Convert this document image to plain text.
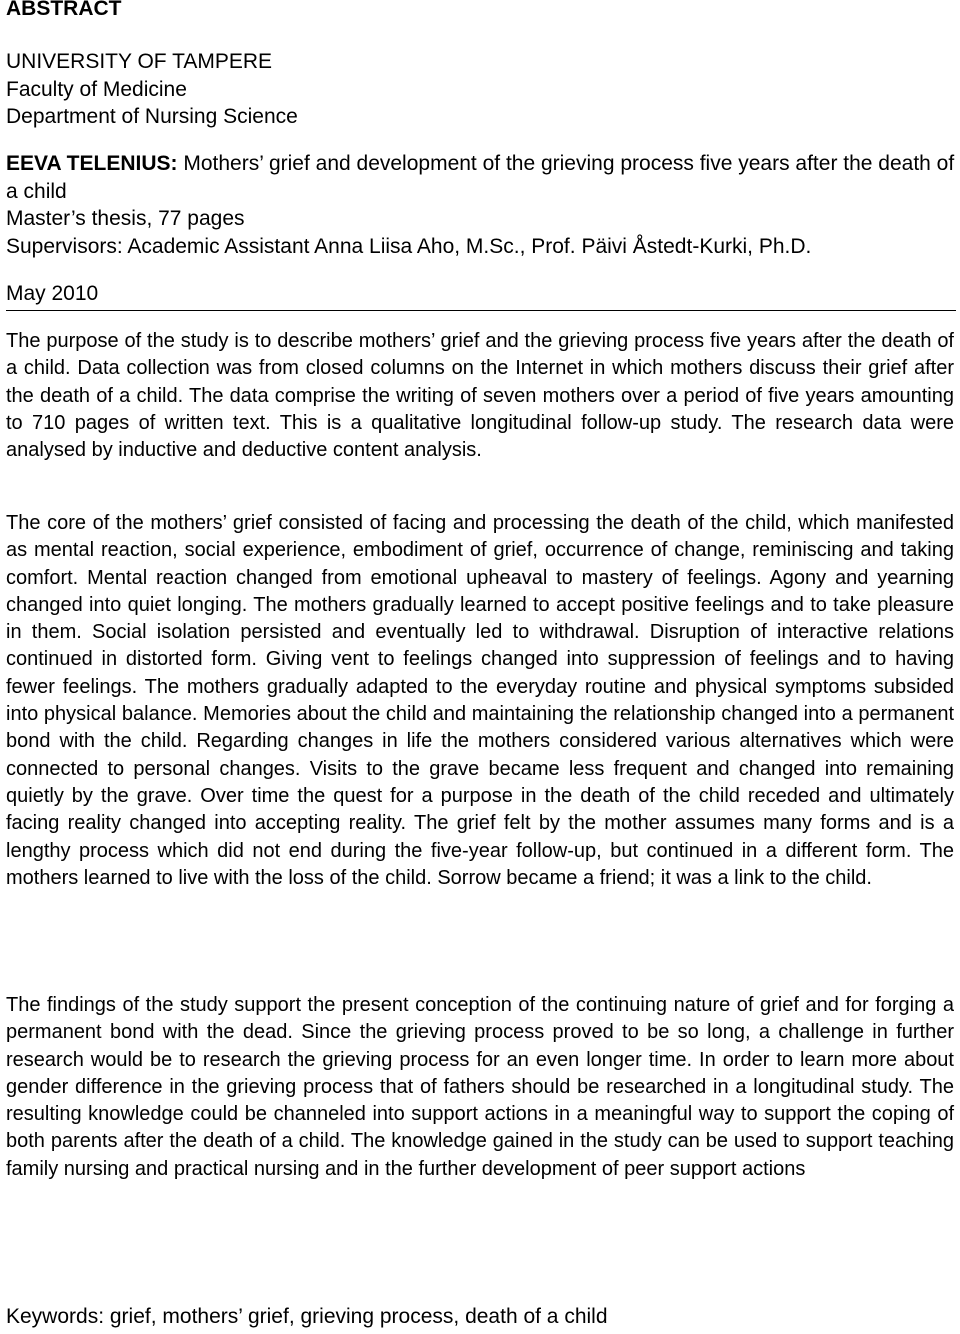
ABSTRACT
UNIVERSITY OF TAMPERE
Faculty of Medicine
Department of Nursing Science
EEVA TELENIUS: Mothers’ grief and development of the grieving process five years after the death of a child
Master’s thesis, 77 pages
Supervisors: Academic Assistant Anna Liisa Aho, M.Sc., Prof. Päivi Åstedt-Kurki, Ph.D.
May 2010
The purpose of the study is to describe mothers’ grief and the grieving process five years after the death of a child. Data collection was from closed columns on the Internet in which mothers discuss their grief after the death of a child. The data comprise the writing of seven mothers over a period of five years amounting to 710 pages of written text. This is a qualitative longitudinal follow-up study. The research data were analysed by inductive and deductive content analysis.
The core of the mothers’ grief consisted of facing and processing the death of the child, which manifested as mental reaction, social experience, embodiment of grief, occurrence of change, reminiscing and taking comfort. Mental reaction changed from emotional upheaval to mastery of feelings. Agony and yearning changed into quiet longing. The mothers gradually learned to accept positive feelings and to take pleasure in them. Social isolation persisted and eventually led to withdrawal. Disruption of interactive relations continued in distorted form. Giving vent to feelings changed into suppression of feelings and to having fewer feelings. The mothers gradually adapted to the everyday routine and physical symptoms subsided into physical balance. Memories about the child and maintaining the relationship changed into a permanent bond with the child. Regarding changes in life the mothers considered various alternatives which were connected to personal changes. Visits to the grave became less frequent and changed into remaining quietly by the grave. Over time the quest for a purpose in the death of the child receded and ultimately facing reality changed into accepting reality. The grief felt by the mother assumes many forms and is a lengthy process which did not end during the five-year follow-up, but continued in a different form. The mothers learned to live with the loss of the child. Sorrow became a friend; it was a link to the child.
The findings of the study support the present conception of the continuing nature of grief and for forging a permanent bond with the dead. Since the grieving process proved to be so long, a challenge in further research would be to research the grieving process for an even longer time. In order to learn more about gender difference in the grieving process that of fathers should be researched in a longitudinal study. The resulting knowledge could be channeled into support actions in a meaningful way to support the coping of both parents after the death of a child. The knowledge gained in the study can be used to support teaching family nursing and practical nursing and in the further development of peer support actions
Keywords: grief, mothers’ grief, grieving process, death of a child
